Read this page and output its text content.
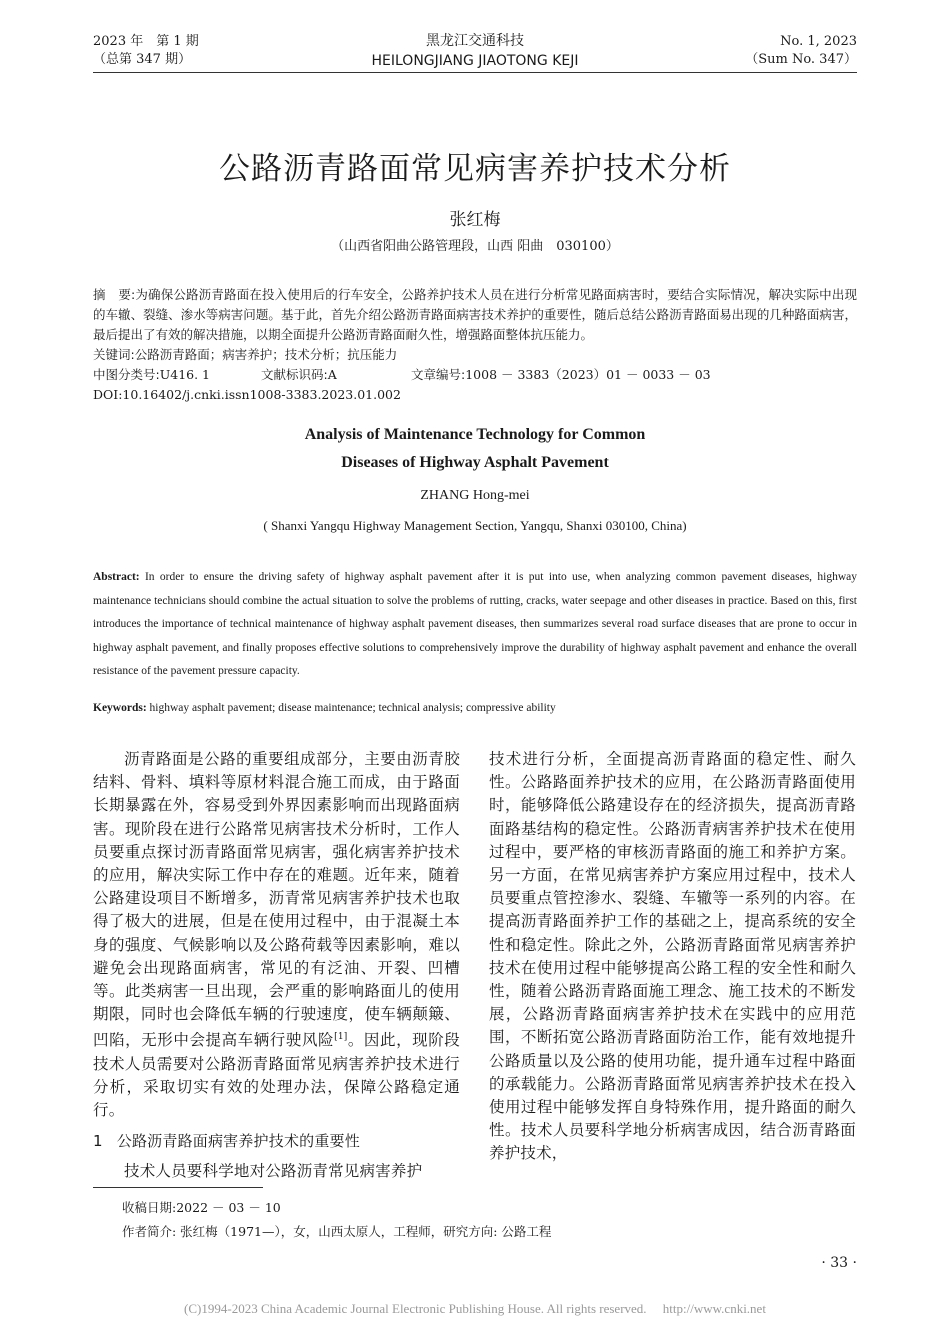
2023 年　第 1 期
（总第 347 期）
黑龙江交通科技
HEILONGJIANG JIAOTONG KEJI
No. 1, 2023
（Sum No. 347）
公路沥青路面常见病害养护技术分析
张红梅
（山西省阳曲公路管理段，山西 阳曲　030100）
摘　要:为确保公路沥青路面在投入使用后的行车安全，公路养护技术人员在进行分析常见路面病害时，要结合实际情况，解决实际中出现的车辙、裂缝、渗水等病害问题。基于此，首先介绍公路沥青路面病害技术养护的重要性，随后总结公路沥青路面易出现的几种路面病害，最后提出了有效的解决措施，以期全面提升公路沥青路面耐久性，增强路面整体抗压能力。
关键词:公路沥青路面；病害养护；技术分析；抗压能力
中图分类号:U416. 1	文献标识码:A	文章编号:1008 － 3383（2023）01 － 0033 － 03
DOI:10.16402/j.cnki.issn1008-3383.2023.01.002
Analysis of Maintenance Technology for Common
Diseases of Highway Asphalt Pavement
ZHANG Hong-mei
( Shanxi Yangqu Highway Management Section, Yangqu, Shanxi 030100, China)
Abstract: In order to ensure the driving safety of highway asphalt pavement after it is put into use, when analyzing common pavement diseases, highway maintenance technicians should combine the actual situation to solve the problems of rutting, cracks, water seepage and other diseases in practice. Based on this, first introduces the importance of technical maintenance of highway asphalt pavement diseases, then summarizes several road surface diseases that are prone to occur in highway asphalt pavement, and finally proposes effective solutions to comprehensively improve the durability of highway asphalt pavement and enhance the overall resistance of the pavement pressure capacity.
Keywords: highway asphalt pavement; disease maintenance; technical analysis; compressive ability

沥青路面是公路的重要组成部分，主要由沥青胶结料、骨料、填料等原材料混合施工而成，由于路面长期暴露在外，容易受到外界因素影响而出现路面病害。现阶段在进行公路常见病害技术分析时，工作人员要重点探讨沥青路面常见病害，强化病害养护技术的应用，解决实际工作中存在的难题。近年来，随着公路建设项目不断增多，沥青常见病害养护技术也取得了极大的进展，但是在使用过程中，由于混凝土本身的强度、气候影响以及公路荷载等因素影响，难以避免会出现路面病害，常见的有泛油、开裂、凹槽等。此类病害一旦出现，会严重的影响路面儿的使用期限，同时也会降低车辆的行驶速度，使车辆颠簸、凹陷，无形中会提高车辆行驶风险[1]。因此，现阶段技术人员需要对公路沥青路面常见病害养护技术进行分析，采取切实有效的处理办法，保障公路稳定通行。

1 公路沥青路面病害养护技术的重要性

技术人员要科学地对公路沥青常见病害养护

技术进行分析，全面提高沥青路面的稳定性、耐久性。公路路面养护技术的应用，在公路沥青路面使用时，能够降低公路建设存在的经济损失，提高沥青路面路基结构的稳定性。公路沥青病害养护技术在使用过程中，要严格的审核沥青路面的施工和养护方案。另一方面，在常见病害养护方案应用过程中，技术人员要重点管控渗水、裂缝、车辙等一系列的内容。在提高沥青路面养护工作的基础之上，提高系统的安全性和稳定性。除此之外，公路沥青路面常见病害养护技术在使用过程中能够提高公路工程的安全性和耐久性，随着公路沥青路面施工理念、施工技术的不断发展，公路沥青路面病害养护技术在实践中的应用范围，不断拓宽公路沥青路面防治工作，能有效地提升公路质量以及公路的使用功能，提升通车过程中路面的承载能力。公路沥青路面常见病害养护技术在投入使用过程中能够发挥自身特殊作用，提升路面的耐久性。技术人员要科学地分析病害成因，结合沥青路面养护技术，

收稿日期:2022 － 03 － 10
作者简介: 张红梅（1971—），女，山西太原人，工程师，研究方向: 公路工程
· 33 ·
(C)1994-2023 China Academic Journal Electronic Publishing House. All rights reserved.　 http://www.cnki.net
